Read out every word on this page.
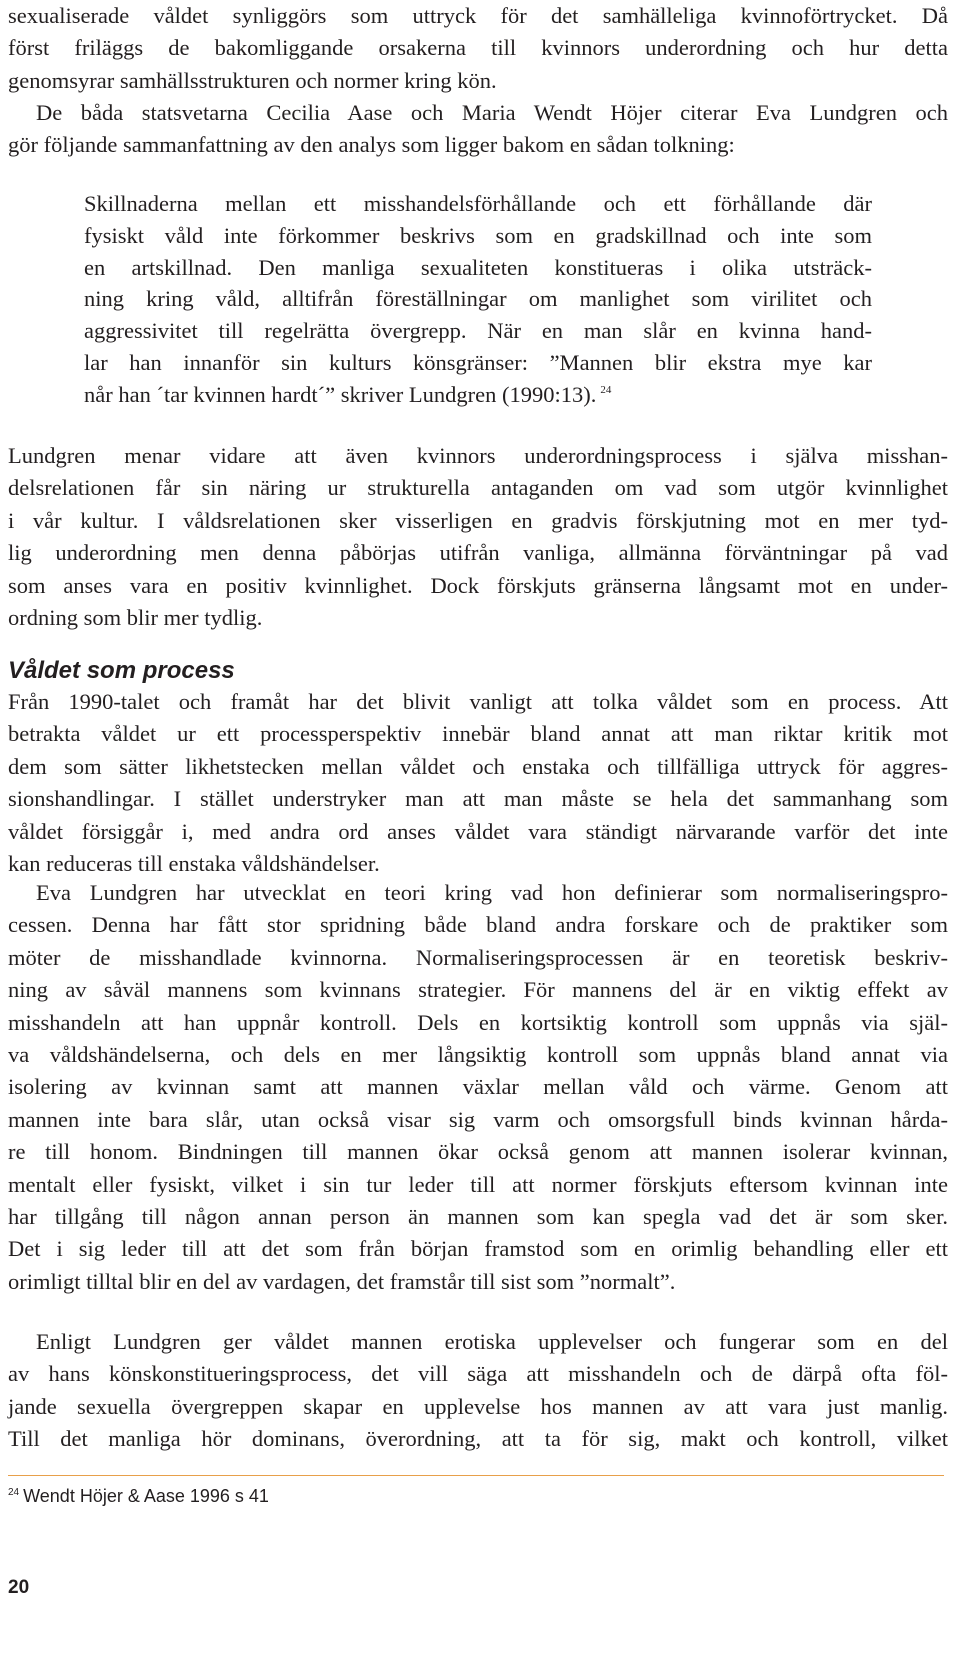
sexualiserade våldet synliggörs som uttryck för det samhälleliga kvinnoförtrycket. Då
först friläggs de bakomliggande orsakerna till kvinnors underordning och hur detta
genomsyrar samhällsstrukturen och normer kring kön.

De båda statsvetarna Cecilia Aase och Maria Wendt Höjer citerar Eva Lundgren och
gör följande sammanfattning av den analys som ligger bakom en sådan tolkning:

Skillnaderna mellan ett misshandelsförhållande och ett förhållande där
fysiskt våld inte förkommer beskrivs som en gradskillnad och inte som
en artskillnad. Den manliga sexualiteten konstitueras i olika utsträck-
ning kring våld, alltifrån föreställningar om manlighet som virilitet och
aggressivitet till regelrätta övergrepp. När en man slår en kvinna hand-
lar han innanför sin kulturs könsgränser: ”Mannen blir ekstra mye kar
når han ´tar kvinnen hardt´” skriver Lundgren (1990:13). $^{24}$

Lundgren menar vidare att även kvinnors underordningsprocess i själva misshan-
delsrelationen får sin näring ur strukturella antaganden om vad som utgör kvinnlighet
i vår kultur. I våldsrelationen sker visserligen en gradvis förskjutning mot en mer tyd-
lig underordning men denna påbörjas utifrån vanliga, allmänna förväntningar på vad
som anses vara en positiv kvinnlighet. Dock förskjuts gränserna långsamt mot en under-
ordning som blir mer tydlig.

Våldet som process

Från 1990-talet och framåt har det blivit vanligt att tolka våldet som en process. Att
betrakta våldet ur ett processperspektiv innebär bland annat att man riktar kritik mot
dem som sätter likhetstecken mellan våldet och enstaka och tillfälliga uttryck för aggres-
sionshandlingar. I stället understryker man att man måste se hela det sammanhang som
våldet försiggår i, med andra ord anses våldet vara ständigt närvarande varför det inte
kan reduceras till enstaka våldshändelser.

Eva Lundgren har utvecklat en teori kring vad hon definierar som normaliseringspro-
cessen. Denna har fått stor spridning både bland andra forskare och de praktiker som
möter de misshandlade kvinnorna. Normaliseringsprocessen är en teoretisk beskriv-
ning av såväl mannens som kvinnans strategier. För mannens del är en viktig effekt av
misshandeln att han uppnår kontroll. Dels en kortsiktig kontroll som uppnås via själ-
va våldshändelserna, och dels en mer långsiktig kontroll som uppnås bland annat via
isolering av kvinnan samt att mannen växlar mellan våld och värme. Genom att
mannen inte bara slår, utan också visar sig varm och omsorgsfull binds kvinnan hårda-
re till honom. Bindningen till mannen ökar också genom att mannen isolerar kvinnan,
mentalt eller fysiskt, vilket i sin tur leder till att normer förskjuts eftersom kvinnan inte
har tillgång till någon annan person än mannen som kan spegla vad det är som sker.
Det i sig leder till att det som från början framstod som en orimlig behandling eller ett
orimligt tilltal blir en del av vardagen, det framstår till sist som ”normalt”.

Enligt Lundgren ger våldet mannen erotiska upplevelser och fungerar som en del
av hans könskonstitueringsprocess, det vill säga att misshandeln och de därpå ofta föl-
jande sexuella övergreppen skapar en upplevelse hos mannen av att vara just manlig.
Till det manliga hör dominans, överordning, att ta för sig, makt och kontroll, vilket

$^{24}$ Wendt Höjer & Aase 1996 s 41
20
